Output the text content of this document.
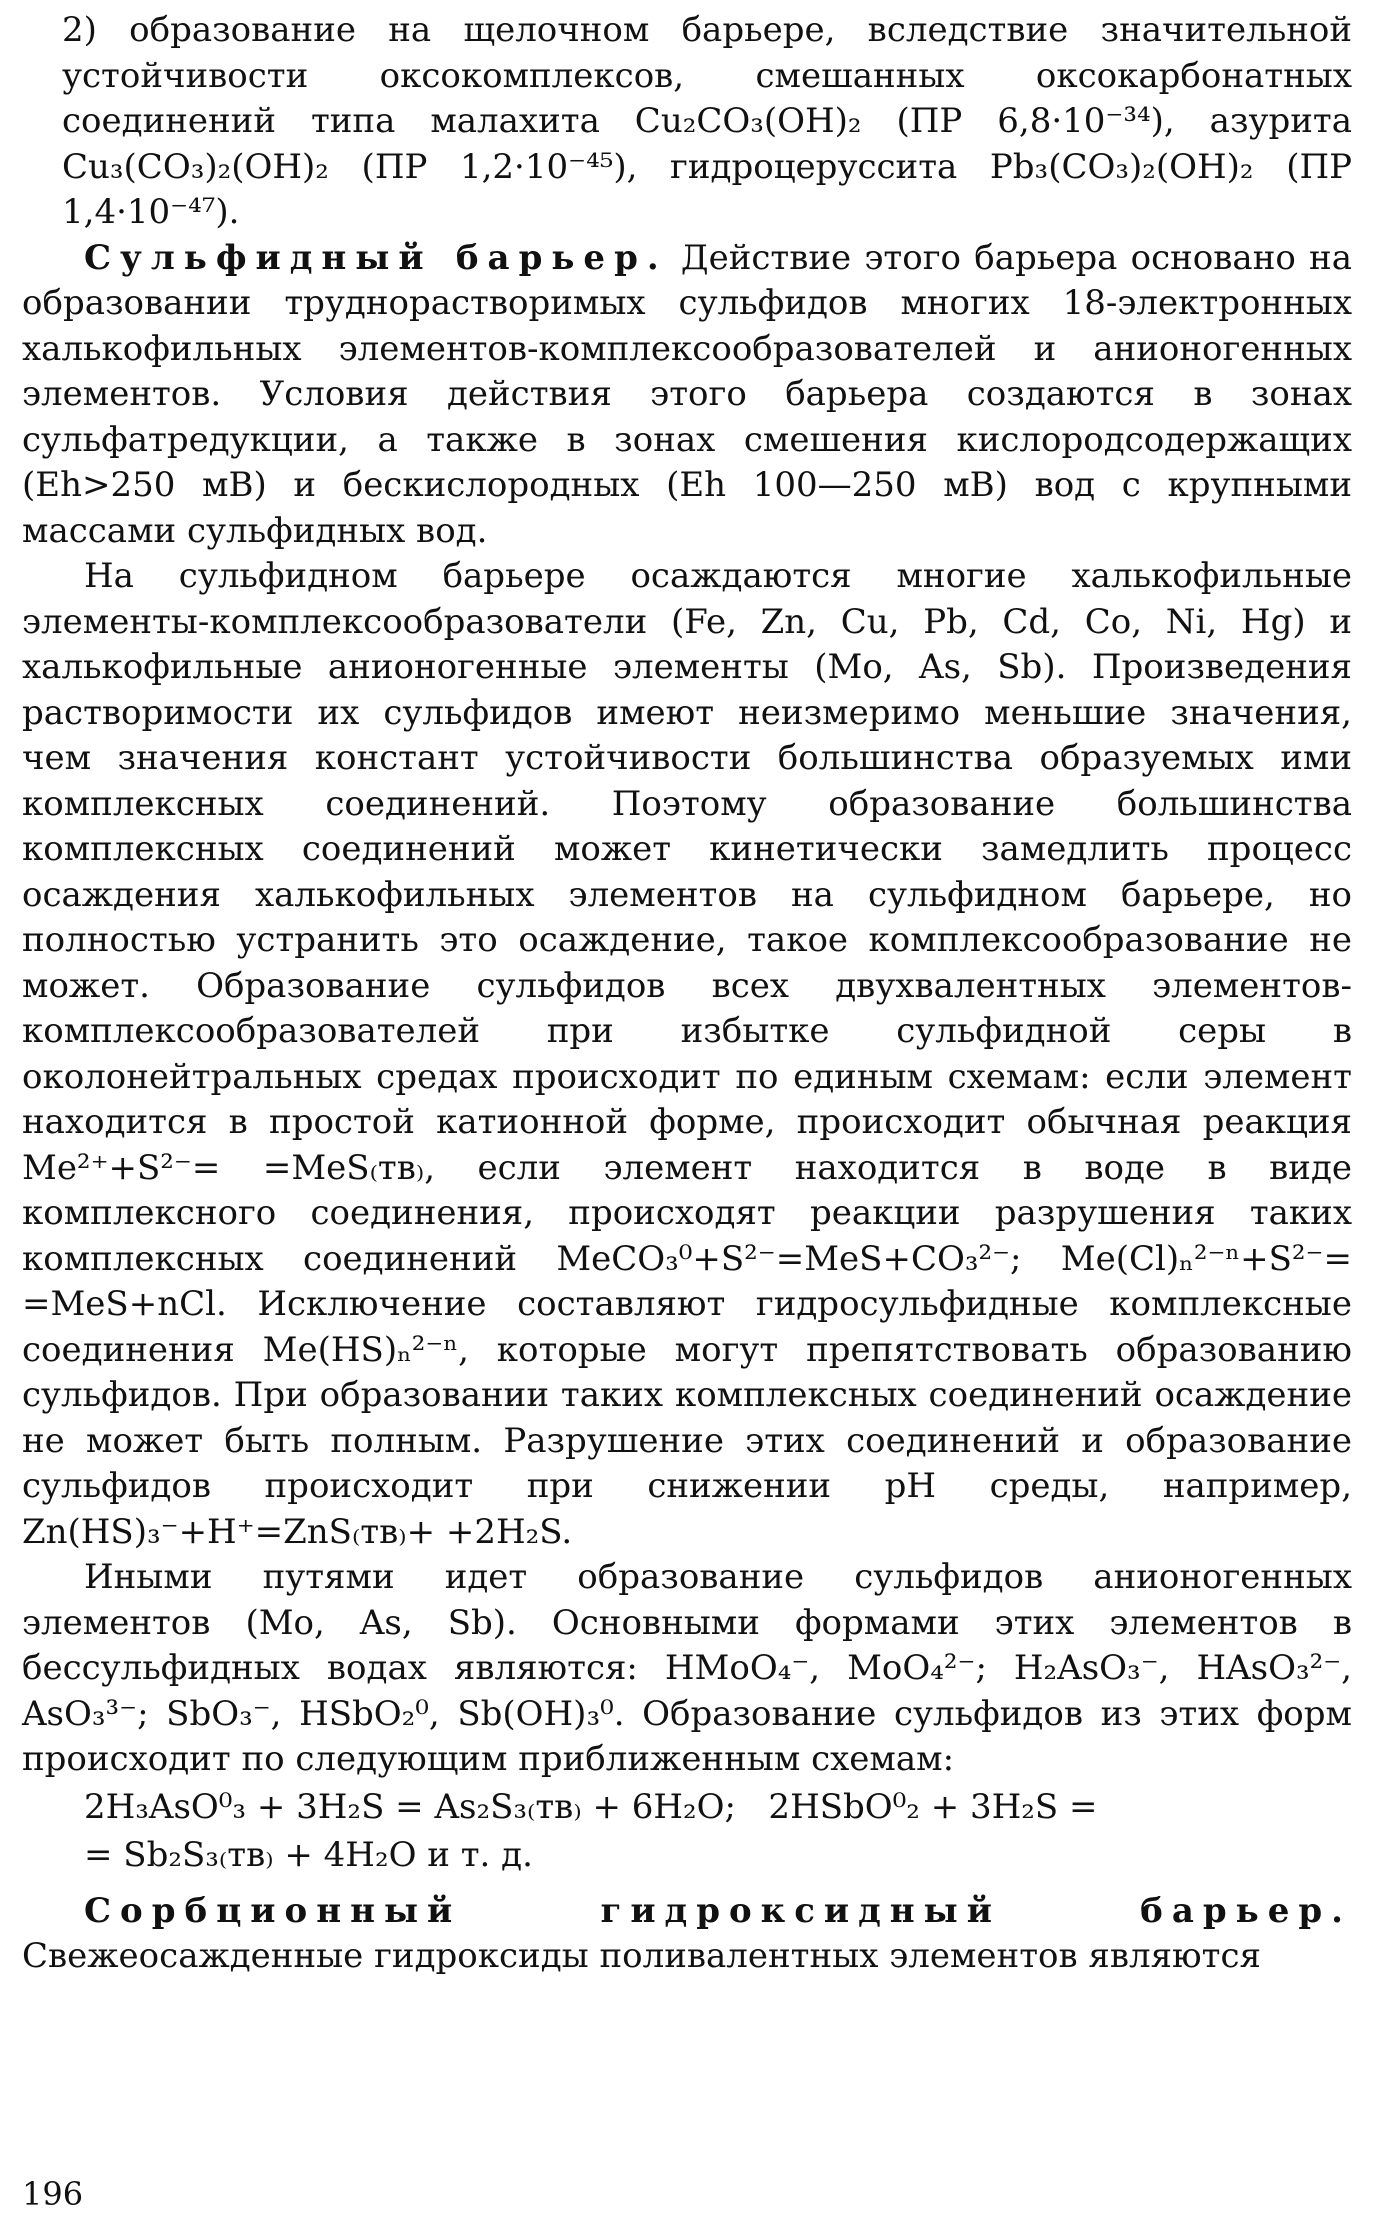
2) образование на щелочном барьере, вследствие значительной устойчивости оксокомплексов, смешанных оксокарбонатных соединений типа малахита Cu₂CO₃(OH)₂ (ПР 6,8·10⁻³⁴), азурита Cu₃(CO₃)₂(OH)₂ (ПР 1,2·10⁻⁴⁵), гидроцеруссита Pb₃(CO₃)₂(OH)₂ (ПР 1,4·10⁻⁴⁷).

Сульфидный барьер. Действие этого барьера основано на образовании труднорастворимых сульфидов многих 18-электронных халькофильных элементов-комплексообразователей и анионогенных элементов. Условия действия этого барьера создаются в зонах сульфатредукции, а также в зонах смешения кислородсодержащих (Eh>250 мВ) и бескислородных (Eh 100—250 мВ) вод с крупными массами сульфидных вод.

На сульфидном барьере осаждаются многие халькофильные элементы-комплексообразователи (Fe, Zn, Cu, Pb, Cd, Co, Ni, Hg) и халькофильные анионогенные элементы (Mo, As, Sb). Произведения растворимости их сульфидов имеют неизмеримо меньшие значения, чем значения констант устойчивости большинства образуемых ими комплексных соединений. Поэтому образование большинства комплексных соединений может кинетически замедлить процесс осаждения халькофильных элементов на сульфидном барьере, но полностью устранить это осаждение, такое комплексообразование не может. Образование сульфидов всех двухвалентных элементов-комплексообразователей при избытке сульфидной серы в околонейтральных средах происходит по единым схемам: если элемент находится в простой катионной форме, происходит обычная реакция Me²⁺+S²⁻= =MeS₍тв₎, если элемент находится в воде в виде комплексного соединения, происходят реакции разрушения таких комплексных соединений MeCO₃⁰+S²⁻=MeS+CO₃²⁻; Me(Cl)ₙ²⁻ⁿ+S²⁻= =MeS+nCl. Исключение составляют гидросульфидные комплексные соединения Me(HS)ₙ²⁻ⁿ, которые могут препятствовать образованию сульфидов. При образовании таких комплексных соединений осаждение не может быть полным. Разрушение этих соединений и образование сульфидов происходит при снижении pH среды, например, Zn(HS)₃⁻+H⁺=ZnS₍тв₎+ +2H₂S.

Иными путями идет образование сульфидов анионогенных элементов (Mo, As, Sb). Основными формами этих элементов в бессульфидных водах являются: HMoO₄⁻, MoO₄²⁻; H₂AsO₃⁻, HAsO₃²⁻, AsO₃³⁻; SbO₃⁻, HSbO₂⁰, Sb(OH)₃⁰. Образование сульфидов из этих форм происходит по следующим приближенным схемам:

2H₃AsO⁰₃ + 3H₂S = As₂S₃₍тв₎ + 6H₂O;   2HSbO⁰₂ + 3H₂S =

= Sb₂S₃₍тв₎ + 4H₂O и т. д.

Сорбционный гидроксидный барьер. Свежеосажденные гидроксиды поливалентных элементов являются

196
